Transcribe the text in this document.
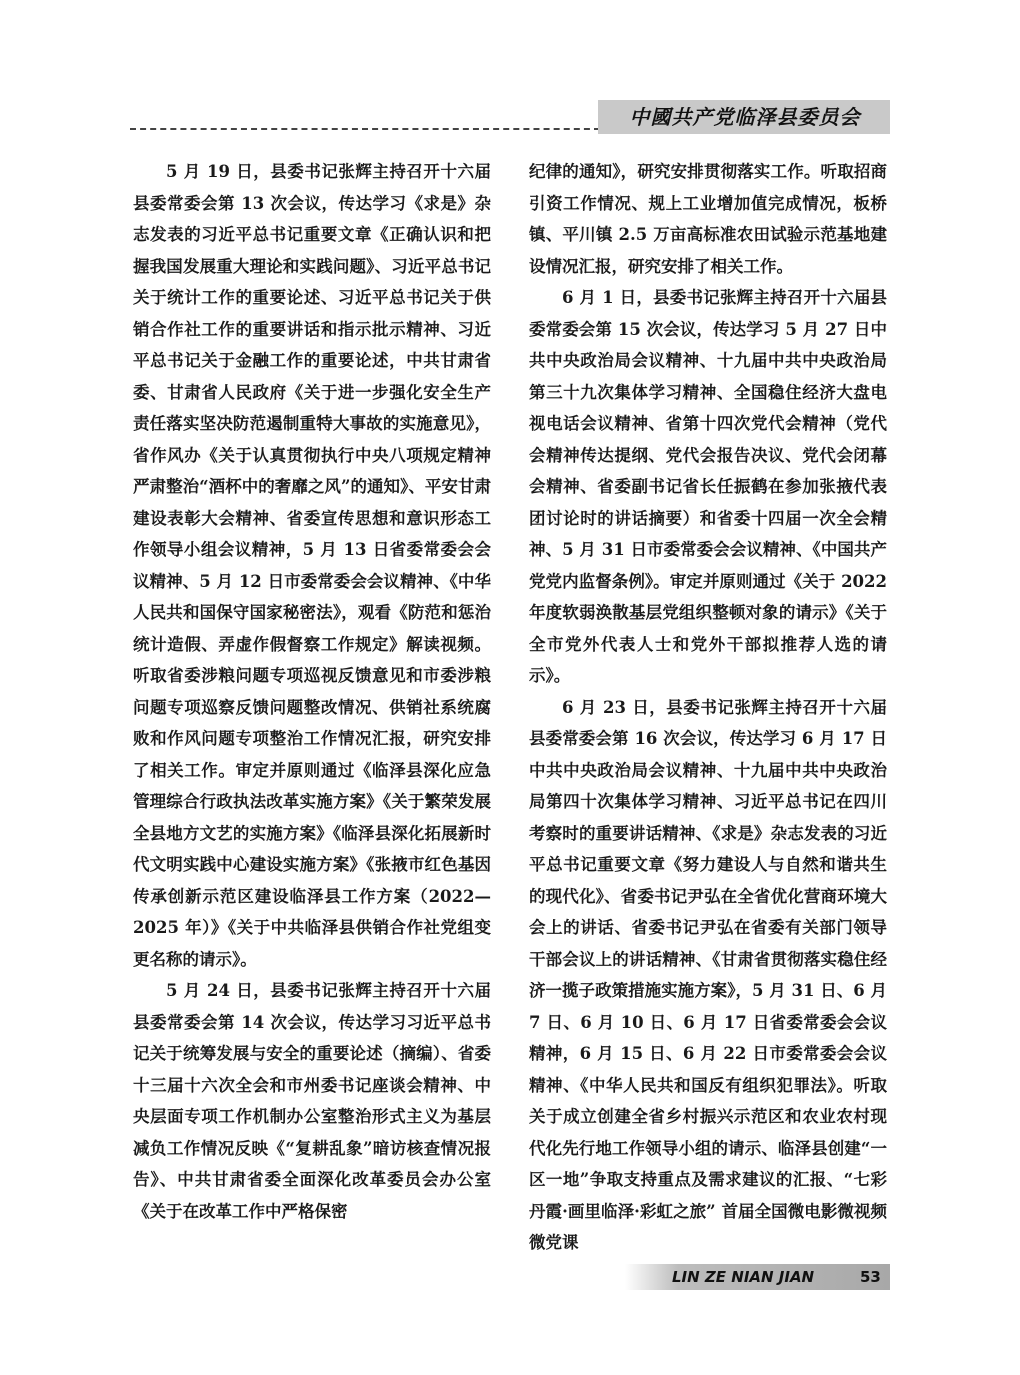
中國共产党临泽县委员会

5 月 19 日，县委书记张辉主持召开十六届县委常委会第 13 次会议，传达学习《求是》杂志发表的习近平总书记重要文章《正确认识和把握我国发展重大理论和实践问题》、习近平总书记关于统计工作的重要论述、习近平总书记关于供销合作社工作的重要讲话和指示批示精神、习近平总书记关于金融工作的重要论述，中共甘肃省委、甘肃省人民政府《关于进一步强化安全生产责任落实坚决防范遏制重特大事故的实施意见》，省作风办《关于认真贯彻执行中央八项规定精神严肃整治“酒杯中的奢靡之风”的通知》、平安甘肃建设表彰大会精神、省委宣传思想和意识形态工作领导小组会议精神，5 月 13 日省委常委会会议精神、5 月 12 日市委常委会会议精神、《中华人民共和国保守国家秘密法》，观看《防范和惩治统计造假、弄虚作假督察工作规定》解读视频。听取省委涉粮问题专项巡视反馈意见和市委涉粮问题专项巡察反馈问题整改情况、供销社系统腐败和作风问题专项整治工作情况汇报，研究安排了相关工作。审定并原则通过《临泽县深化应急管理综合行政执法改革实施方案》《关于繁荣发展全县地方文艺的实施方案》《临泽县深化拓展新时代文明实践中心建设实施方案》《张掖市红色基因传承创新示范区建设临泽县工作方案（2022—2025 年）》《关于中共临泽县供销合作社党组变更名称的请示》。

5 月 24 日，县委书记张辉主持召开十六届县委常委会第 14 次会议，传达学习习近平总书记关于统筹发展与安全的重要论述（摘编）、省委十三届十六次全会和市州委书记座谈会精神、中央层面专项工作机制办公室整治形式主义为基层减负工作情况反映《“复耕乱象”暗访核查情况报告》、中共甘肃省委全面深化改革委员会办公室《关于在改革工作中严格保密

纪律的通知》，研究安排贯彻落实工作。听取招商引资工作情况、规上工业增加值完成情况，板桥镇、平川镇 2.5 万亩高标准农田试验示范基地建设情况汇报，研究安排了相关工作。

6 月 1 日，县委书记张辉主持召开十六届县委常委会第 15 次会议，传达学习 5 月 27 日中共中央政治局会议精神、十九届中共中央政治局第三十九次集体学习精神、全国稳住经济大盘电视电话会议精神、省第十四次党代会精神（党代会精神传达提纲、党代会报告决议、党代会闭幕会精神、省委副书记省长任振鹤在参加张掖代表团讨论时的讲话摘要）和省委十四届一次全会精神、5 月 31 日市委常委会会议精神、《中国共产党党内监督条例》。审定并原则通过《关于 2022 年度软弱涣散基层党组织整顿对象的请示》《关于全市党外代表人士和党外干部拟推荐人选的请示》。

6 月 23 日，县委书记张辉主持召开十六届县委常委会第 16 次会议，传达学习 6 月 17 日中共中央政治局会议精神、十九届中共中央政治局第四十次集体学习精神、习近平总书记在四川考察时的重要讲话精神、《求是》杂志发表的习近平总书记重要文章《努力建设人与自然和谐共生的现代化》、省委书记尹弘在全省优化营商环境大会上的讲话、省委书记尹弘在省委有关部门领导干部会议上的讲话精神、《甘肃省贯彻落实稳住经济一揽子政策措施实施方案》，5 月 31 日、6 月 7 日、6 月 10 日、6 月 17 日省委常委会会议精神，6 月 15 日、6 月 22 日市委常委会会议精神、《中华人民共和国反有组织犯罪法》。听取关于成立创建全省乡村振兴示范区和农业农村现代化先行地工作领导小组的请示、临泽县创建“一区一地”争取支持重点及需求建议的汇报、“七彩丹霞·画里临泽·彩虹之旅” 首届全国微电影微视频微党课

LIN ZE NIAN JIAN	53
